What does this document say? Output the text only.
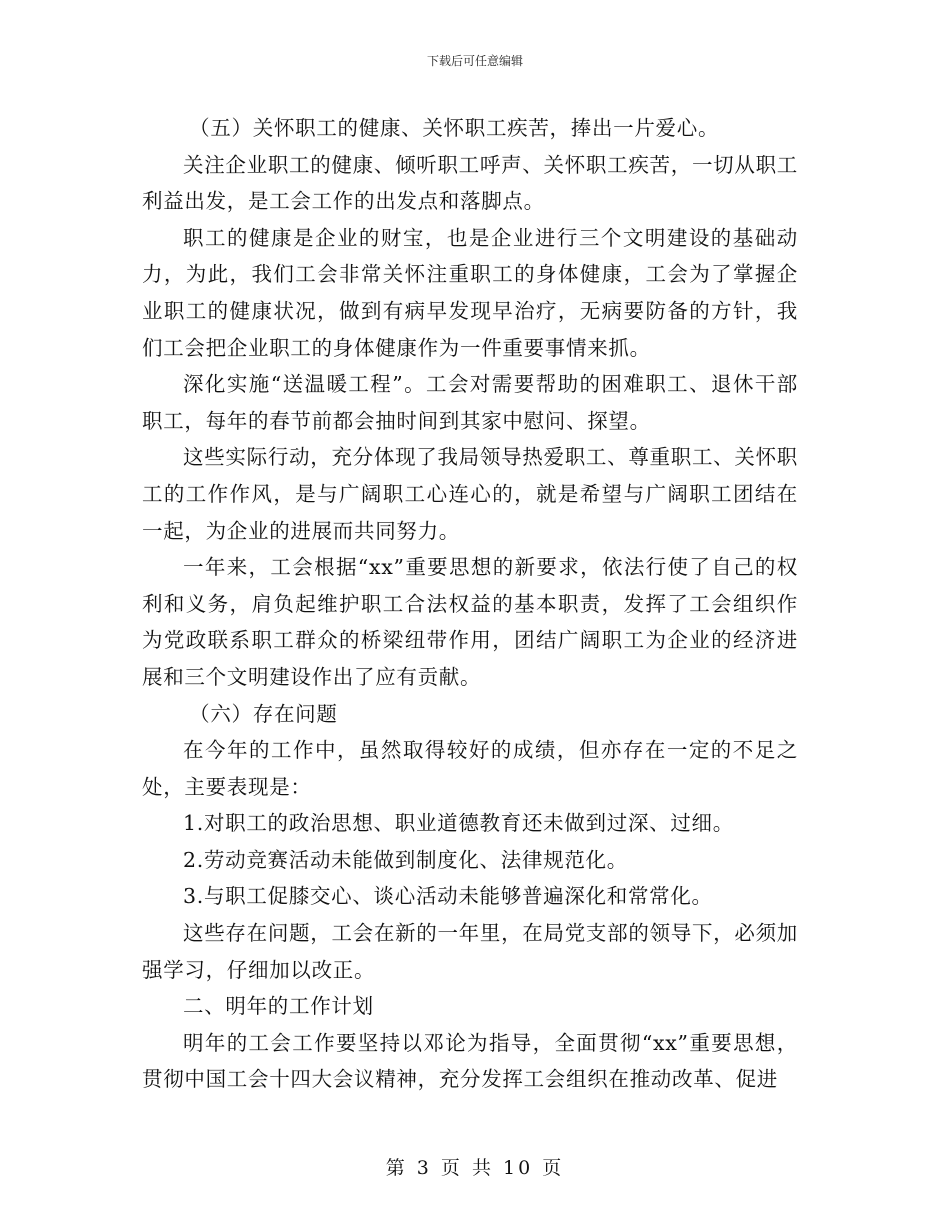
下载后可任意编辑

（五）关怀职工的健康、关怀职工疾苦，捧出一片爱心。

关注企业职工的健康、倾听职工呼声、关怀职工疾苦，一切从职工利益出发，是工会工作的出发点和落脚点。

职工的健康是企业的财宝，也是企业进行三个文明建设的基础动力，为此，我们工会非常关怀注重职工的身体健康，工会为了掌握企业职工的健康状况，做到有病早发现早治疗，无病要防备的方针，我们工会把企业职工的身体健康作为一件重要事情来抓。

深化实施“送温暖工程”。工会对需要帮助的困难职工、退休干部职工，每年的春节前都会抽时间到其家中慰问、探望。

这些实际行动，充分体现了我局领导热爱职工、尊重职工、关怀职工的工作作风，是与广阔职工心连心的，就是希望与广阔职工团结在一起，为企业的进展而共同努力。

一年来，工会根据“xx”重要思想的新要求，依法行使了自己的权利和义务，肩负起维护职工合法权益的基本职责，发挥了工会组织作为党政联系职工群众的桥梁纽带作用，团结广阔职工为企业的经济进展和三个文明建设作出了应有贡献。

（六）存在问题

在今年的工作中，虽然取得较好的成绩，但亦存在一定的不足之处，主要表现是：

1.对职工的政治思想、职业道德教育还未做到过深、过细。

2.劳动竞赛活动未能做到制度化、法律规范化。

3.与职工促膝交心、谈心活动未能够普遍深化和常常化。

这些存在问题，工会在新的一年里，在局党支部的领导下，必须加强学习，仔细加以改正。

二、明年的工作计划

明年的工会工作要坚持以邓论为指导，全面贯彻“xx”重要思想，贯彻中国工会十四大会议精神，充分发挥工会组织在推动改革、促进

第 3 页 共 10 页
